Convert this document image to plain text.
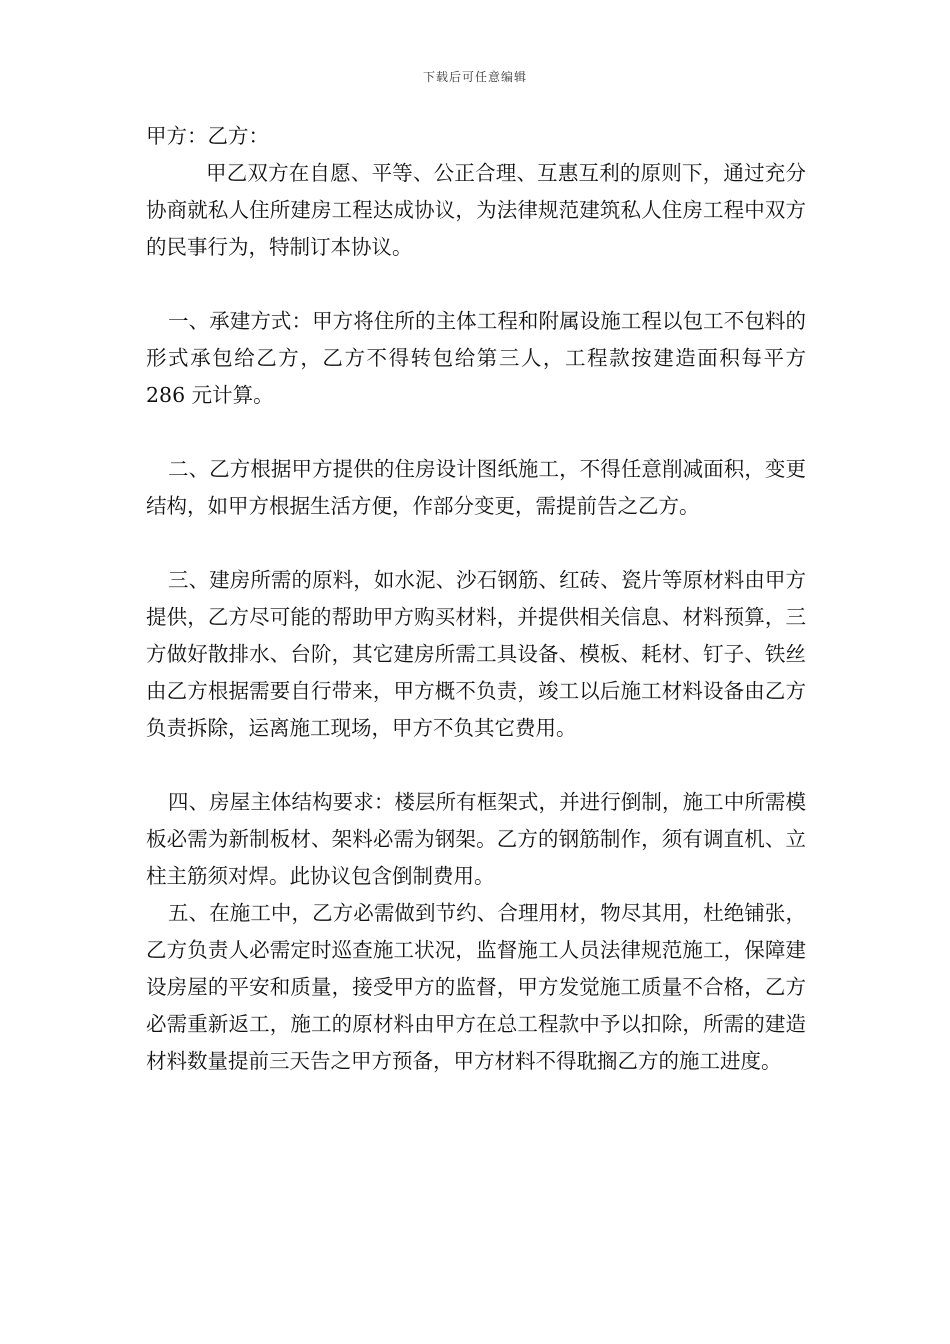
下载后可任意编辑

甲方：乙方：

甲乙双方在自愿、平等、公正合理、互惠互利的原则下，通过充分协商就私人住所建房工程达成协议，为法律规范建筑私人住房工程中双方的民事行为，特制订本协议。

一、承建方式：甲方将住所的主体工程和附属设施工程以包工不包料的形式承包给乙方，乙方不得转包给第三人，工程款按建造面积每平方 286 元计算。

二、乙方根据甲方提供的住房设计图纸施工，不得任意削减面积，变更结构，如甲方根据生活方便，作部分变更，需提前告之乙方。

三、建房所需的原料，如水泥、沙石钢筋、红砖、瓷片等原材料由甲方提供，乙方尽可能的帮助甲方购买材料，并提供相关信息、材料预算，三方做好散排水、台阶，其它建房所需工具设备、模板、耗材、钉子、铁丝由乙方根据需要自行带来，甲方概不负责，竣工以后施工材料设备由乙方负责拆除，运离施工现场，甲方不负其它费用。

四、房屋主体结构要求：楼层所有框架式，并进行倒制，施工中所需模板必需为新制板材、架料必需为钢架。乙方的钢筋制作，须有调直机、立柱主筋须对焊。此协议包含倒制费用。

五、在施工中，乙方必需做到节约、合理用材，物尽其用，杜绝铺张，乙方负责人必需定时巡查施工状况，监督施工人员法律规范施工，保障建设房屋的平安和质量，接受甲方的监督，甲方发觉施工质量不合格，乙方必需重新返工，施工的原材料由甲方在总工程款中予以扣除，所需的建造材料数量提前三天告之甲方预备，甲方材料不得耽搁乙方的施工进度。
